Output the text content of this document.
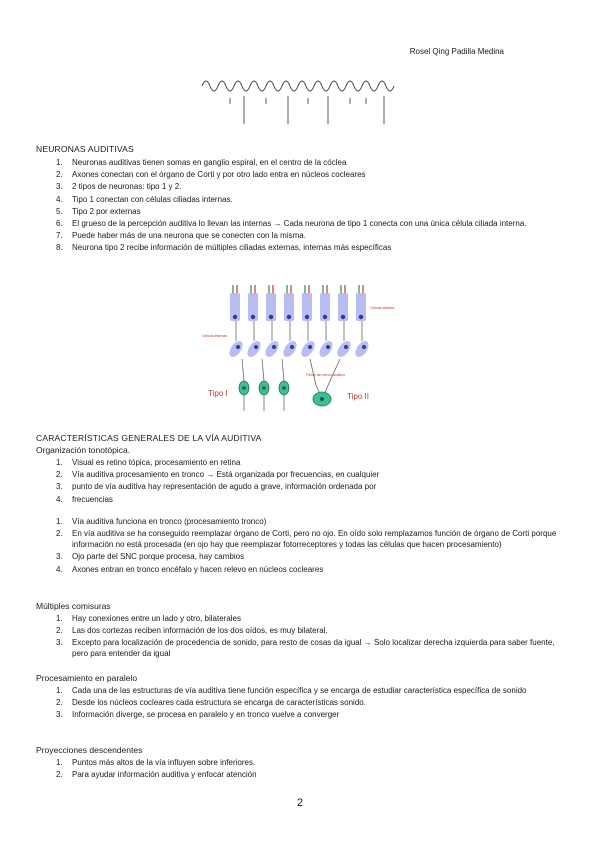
Rosel Qing Padilla Medina
NEURONAS AUDITIVAS
1. Neuronas auditivas tienen somas en ganglio espiral, en el centro de la cóclea
2. Axones conectan con el órgano de Corti y por otro lado entra en núcleos cocleares
3. 2 tipos de neuronas: tipo 1 y 2.
4. Tipo 1 conectan con células ciliadas internas.
5. Tipo 2 por externas
6. El grueso de la percepción auditiva lo llevan las internas → Cada neurona de tipo 1 conecta con una única célula ciliada interna.
7. Puede haber más de una neurona que se conecten con la misma.
8. Neurona tipo 2 recibe información de múltiples ciliadas externas, internas más específicas
Tipo I	Tipo II
Células ciliadas
Células internas
Fibras del nervio auditivo
CARACTERÍSTICAS GENERALES DE LA VÍA AUDITIVA
Organización tonotópica.
1. Visual es retino tópica, procesamiento en retina
2. Vía auditiva procesamiento en tronco → Está organizada por frecuencias, en cualquier
3. punto de vía auditiva hay representación de agudo a grave, información ordenada por
4. frecuencias
1. Vía auditiva funciona en tronco (procesamiento tronco)
2. En vía auditiva se ha conseguido reemplazar órgano de Corti, pero no ojo. En oído solo remplazamos función de órgano de Corti porque información no está procesada (en ojo hay que reemplazar fotorreceptores y todas las células que hacen procesamiento)
3. Ojo parte del SNC porque procesa, hay cambios
4. Axones entran en tronco encéfalo y hacen relevo en núcleos cocleares
Múltiples comisuras
1. Hay conexiones entre un lado y otro, bilaterales
2. Las dos cortezas reciben información de los dos oídos, es muy bilateral.
3. Excepto para localización de procedencia de sonido, para resto de cosas da igual → Solo localizar derecha izquierda para saber fuente, pero para entender da igual
Procesamiento en paralelo
1. Cada una de las estructuras de vía auditiva tiene función específica y se encarga de estudiar característica específica de sonido
2. Desde los núcleos cocleares cada estructura se encarga de características sonido.
3. Información diverge, se procesa en paralelo y en tronco vuelve a converger
Proyecciones descendentes
1. Puntos más altos de la vía influyen sobre inferiores.
2. Para ayudar información auditiva y enfocar atención
2
